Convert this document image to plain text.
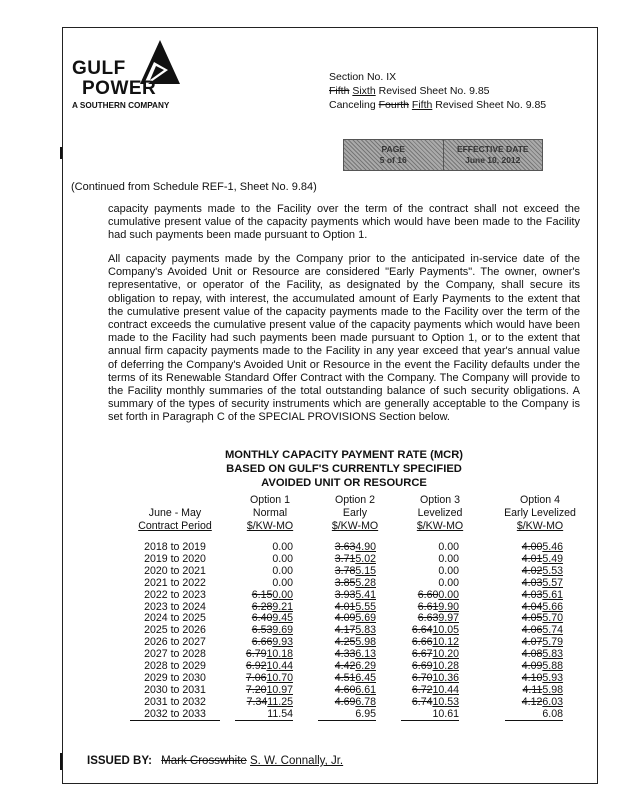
GULF
POWER
A SOUTHERN COMPANY
Section No. IX
Fifth Sixth Revised Sheet No. 9.85
Canceling Fourth Fifth Revised Sheet No. 9.85
PAGE
5 of 16
EFFECTIVE DATE
June 10, 2012
(Continued from Schedule REF-1, Sheet No. 9.84)

capacity payments made to the Facility over the term of the contract shall not exceed the cumulative present value of the capacity payments which would have been made to the Facility had such payments been made pursuant to Option 1.

All capacity payments made by the Company prior to the anticipated in-service date of the Company's Avoided Unit or Resource are considered "Early Payments". The owner, owner's representative, or operator of the Facility, as designated by the Company, shall secure its obligation to repay, with interest, the accumulated amount of Early Payments to the extent that the cumulative present value of the capacity payments made to the Facility over the term of the contract exceeds the cumulative present value of the capacity payments which would have been made to the Facility had such payments been made pursuant to Option 1, or to the extent that annual firm capacity payments made to the Facility in any year exceed that year's annual value of deferring the Company's Avoided Unit or Resource in the event the Facility defaults under the terms of its Renewable Standard Offer Contract with the Company. The Company will provide to the Facility monthly summaries of the total outstanding balance of such security obligations. A summary of the types of security instruments which are generally acceptable to the Company is set forth in Paragraph C of the SPECIAL PROVISIONS Section below.

MONTHLY CAPACITY PAYMENT RATE (MCR)
BASED ON GULF'S CURRENTLY SPECIFIED
AVOIDED UNIT OR RESOURCE
June - May
Contract Period
Option 1
Normal
$/KW-MO
Option 2
Early
$/KW-MO
Option 3
Levelized
$/KW-MO
Option 4
Early Levelized
$/KW-MO
2018 to 2019	0.00	3.634.90	0.00	4.005.46
2019 to 2020	0.00	3.715.02	0.00	4.015.49
2020 to 2021	0.00	3.785.15	0.00	4.025.53
2021 to 2022	0.00	3.855.28	0.00	4.035.57
2022 to 2023	6.150.00	3.935.41	6.600.00	4.035.61
2023 to 2024	6.289.21	4.015.55	6.619.90	4.045.66
2024 to 2025	6.409.45	4.095.69	6.639.97	4.055.70
2025 to 2026	6.539.69	4.175.83	6.6410.05	4.065.74
2026 to 2027	6.669.93	4.255.98	6.6610.12	4.075.79
2027 to 2028	6.7910.18	4.336.13	6.6710.20	4.085.83
2028 to 2029	6.9210.44	4.426.29	6.6910.28	4.095.88
2029 to 2030	7.0610.70	4.516.45	6.7010.36	4.105.93
2030 to 2031	7.2010.97	4.606.61	6.7210.44	4.115.98
2031 to 2032	7.3411.25	4.696.78	6.7410.53	4.126.03
2032 to 2033	11.54	6.95	10.61	6.08
ISSUED BY: Mark Crosswhite S. W. Connally, Jr.
